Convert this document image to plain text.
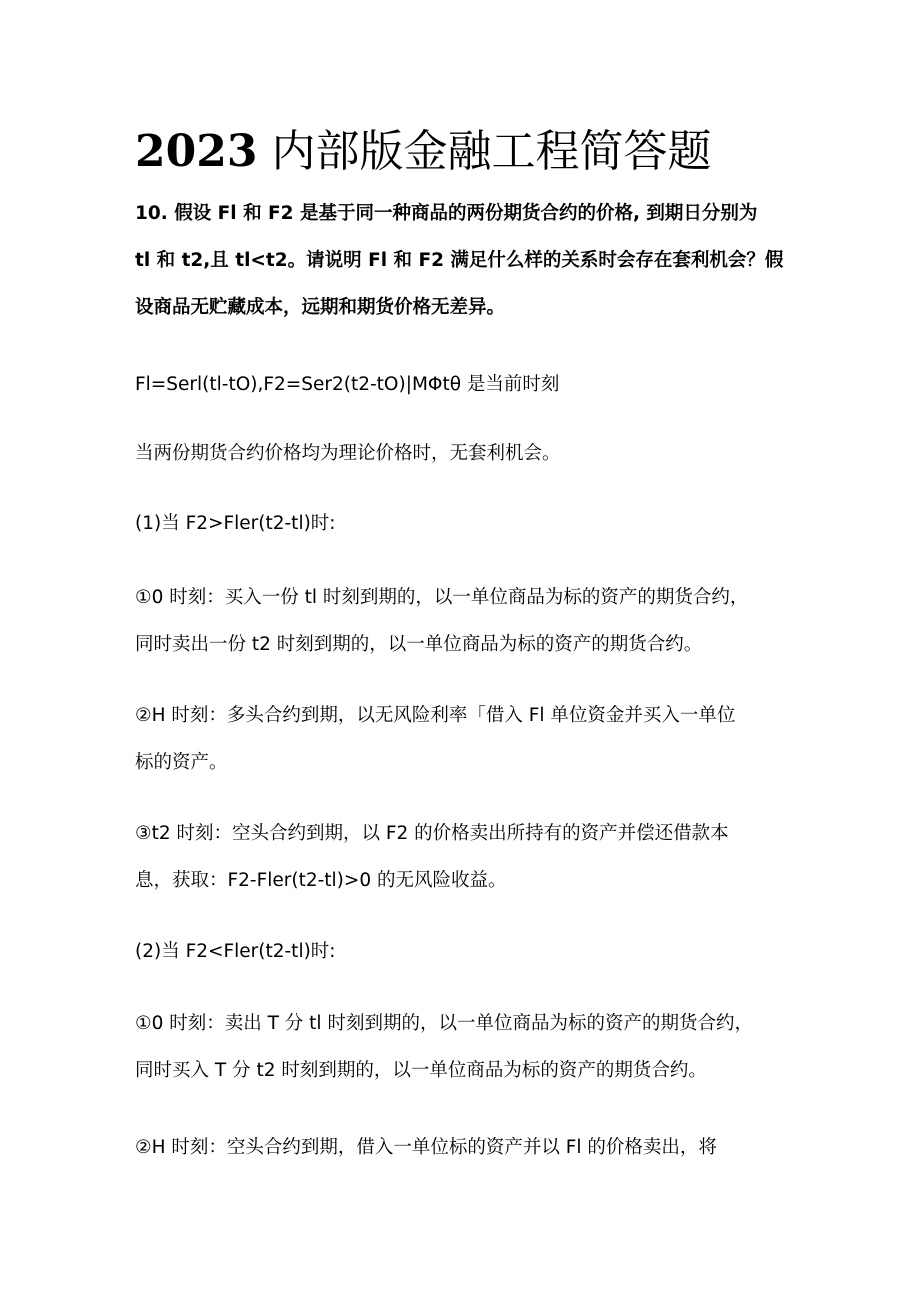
2023 内部版金融工程简答题
10. 假设 Fl 和 F2 是基于同一种商品的两份期货合约的价格, 到期日分别为
tl 和 t2,且 tl<t2。请说明 Fl 和 F2 满足什么样的关系时会存在套利机会？假
设商品无贮藏成本，远期和期货价格无差异。
Fl=Serl(tl-tO),F2=Ser2(t2-tO)|MΦtθ 是当前时刻
当两份期货合约价格均为理论价格时，无套利机会。
(1)当 F2>Fler(t2-tl)时:
①0 时刻：买入一份 tl 时刻到期的，以一单位商品为标的资产的期货合约，
同时卖出一份 t2 时刻到期的，以一单位商品为标的资产的期货合约。
②H 时刻：多头合约到期，以无风险利率「借入 Fl 单位资金并买入一单位
标的资产。
③t2 时刻：空头合约到期，以 F2 的价格卖出所持有的资产并偿还借款本
息，获取：F2-Fler(t2-tl)>0 的无风险收益。
(2)当 F2<Fler(t2-tl)时:
①0 时刻：卖出 T 分 tl 时刻到期的，以一单位商品为标的资产的期货合约，
同时买入 T 分 t2 时刻到期的，以一单位商品为标的资产的期货合约。
②H 时刻：空头合约到期，借入一单位标的资产并以 Fl 的价格卖出，将
